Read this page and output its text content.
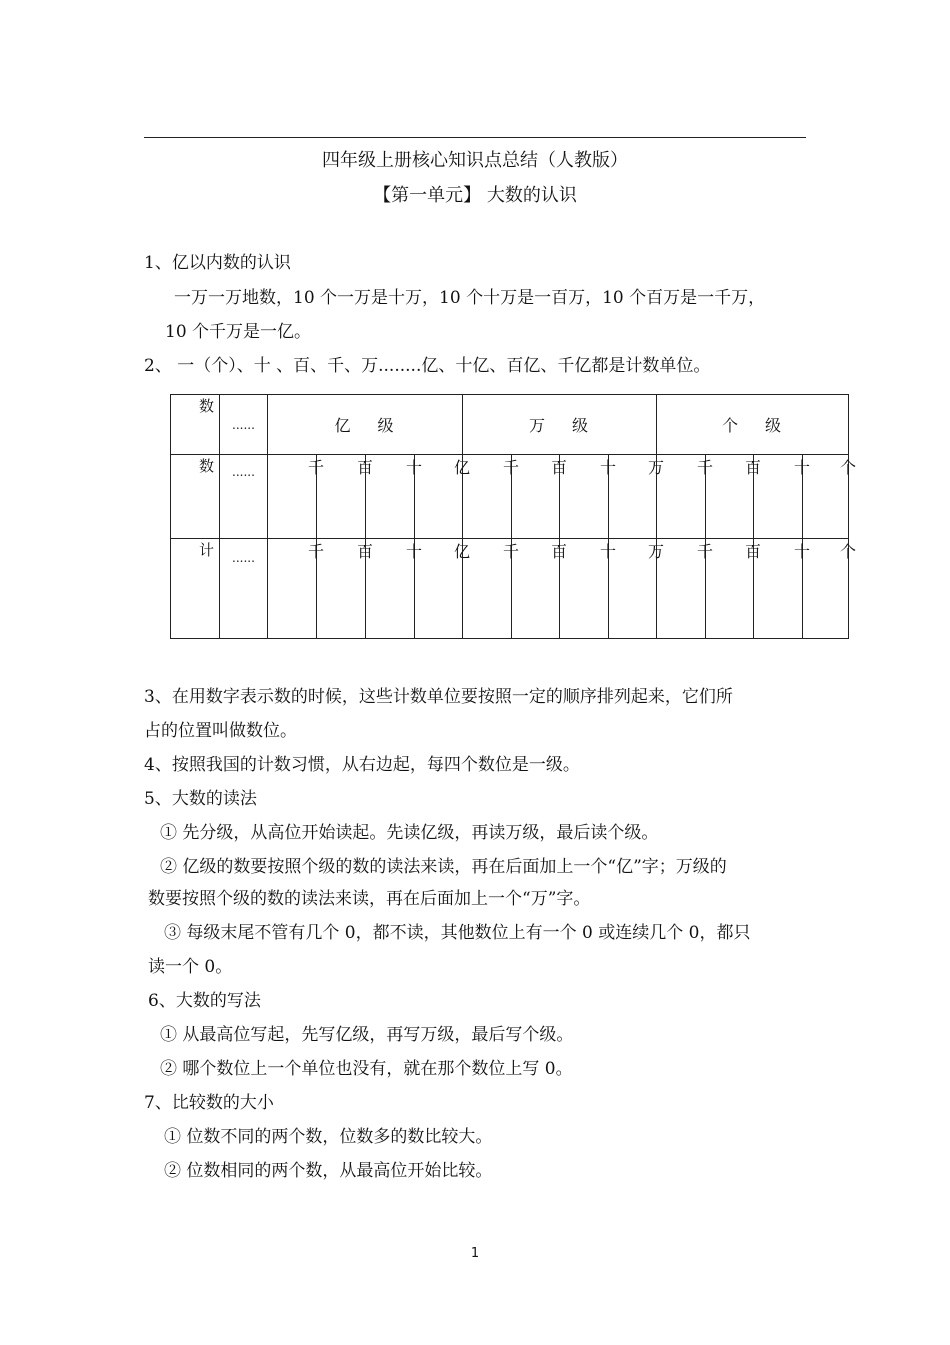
四年级上册核心知识点总结（人教版）
【第一单元】 大数的认识
1、亿以内数的认识
一万一万地数，10 个一万是十万，10 个十万是一百万，10 个百万是一千万，
10 个千万是一亿。
2、 一（个）、十 、百、千、万........亿、十亿、百亿、千亿都是计数单位。
数	......	亿　 级				万　 级				个　 级			
数	......	千	百	十	亿	千	百	十	万	千	百	十	个
计	......	千	百	十	亿	千	百	十	万	千	百	十	个
3、在用数字表示数的时候，这些计数单位要按照一定的顺序排列起来，它们所
占的位置叫做数位。
4、按照我国的计数习惯，从右边起，每四个数位是一级。
5、大数的读法
① 先分级，从高位开始读起。先读亿级，再读万级，最后读个级。
② 亿级的数要按照个级的数的读法来读，再在后面加上一个“亿”字；万级的
数要按照个级的数的读法来读，再在后面加上一个“万”字。
③ 每级末尾不管有几个 0，都不读，其他数位上有一个 0 或连续几个 0，都只
读一个 0。
6、大数的写法
① 从最高位写起，先写亿级，再写万级，最后写个级。
② 哪个数位上一个单位也没有，就在那个数位上写 0。
7、比较数的大小
① 位数不同的两个数，位数多的数比较大。
② 位数相同的两个数，从最高位开始比较。
1
